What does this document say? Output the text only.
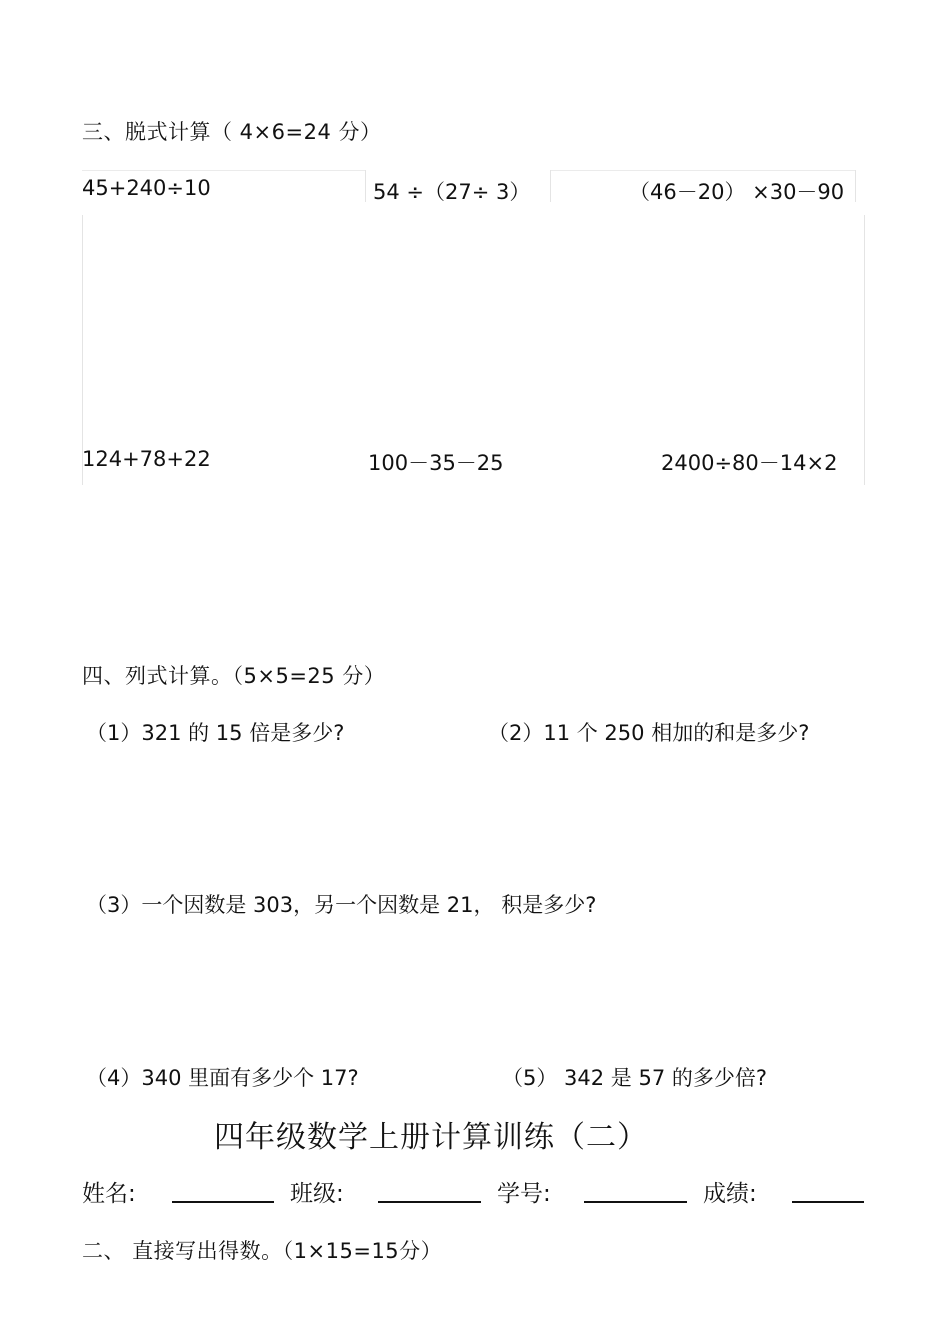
三、脱式计算（ 4×6=24 分）
45+240÷10	54 ÷（27÷ 3）	（46－20） ×30－90
124+78+22	100－35－25	2400÷80－14×2
四、列式计算。（5×5=25 分）
（1）321 的 15 倍是多少?	（2）11 个 250 相加的和是多少?
（3）一个因数是 303，另一个因数是 21， 积是多少?
（4）340 里面有多少个 17?	（5） 342 是 57 的多少倍?
四年级数学上册计算训练（二）
姓名:	班级:	学号:	成绩:
二、 直接写出得数。（1×15=15分）
